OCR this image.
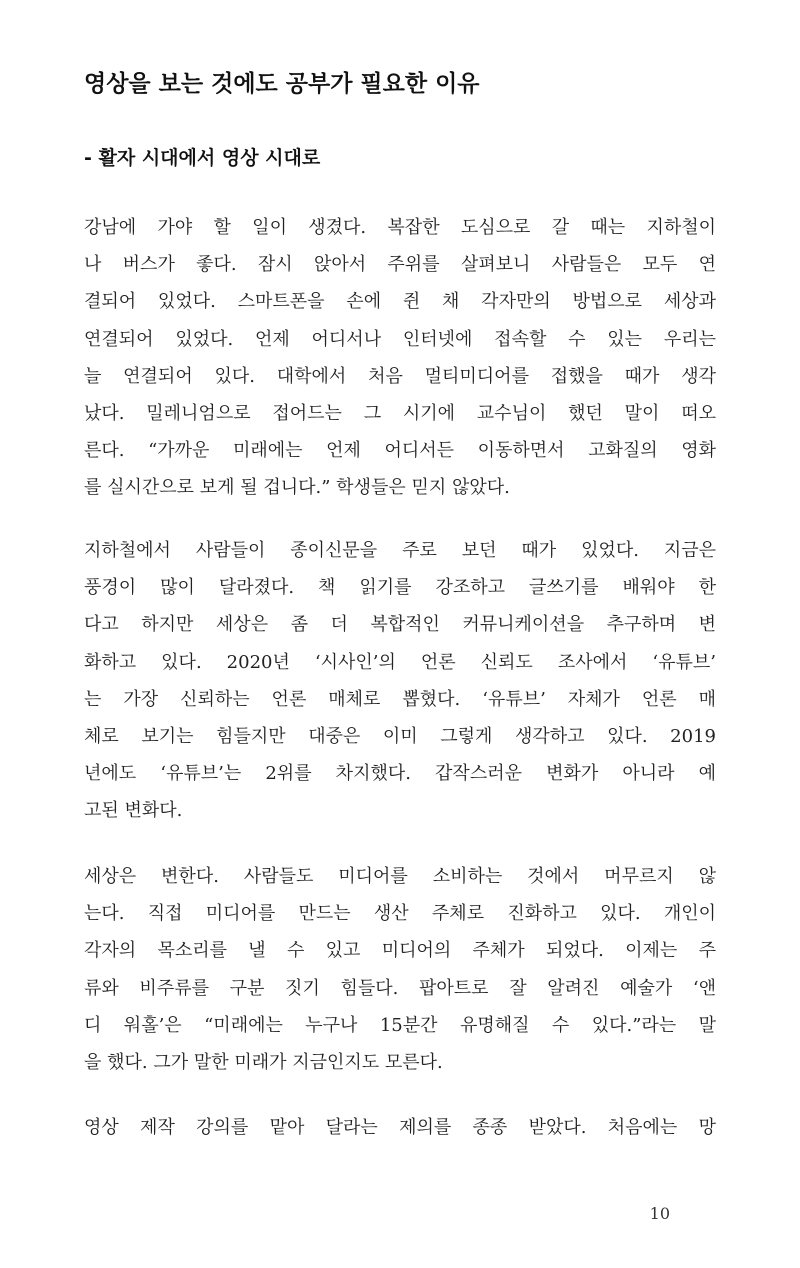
영상을 보는 것에도 공부가 필요한 이유
- 활자 시대에서 영상 시대로

강남에 가야 할 일이 생겼다. 복잡한 도심으로 갈 때는 지하철이
나 버스가 좋다. 잠시 앉아서 주위를 살펴보니 사람들은 모두 연
결되어 있었다. 스마트폰을 손에 쥔 채 각자만의 방법으로 세상과
연결되어 있었다. 언제 어디서나 인터넷에 접속할 수 있는 우리는
늘 연결되어 있다. 대학에서 처음 멀티미디어를 접했을 때가 생각
났다. 밀레니엄으로 접어드는 그 시기에 교수님이 했던 말이 떠오
른다. “가까운 미래에는 언제 어디서든 이동하면서 고화질의 영화
를 실시간으로 보게 될 겁니다.” 학생들은 믿지 않았다.

지하철에서 사람들이 종이신문을 주로 보던 때가 있었다. 지금은
풍경이 많이 달라졌다. 책 읽기를 강조하고 글쓰기를 배워야 한
다고 하지만 세상은 좀 더 복합적인 커뮤니케이션을 추구하며 변
화하고 있다. 2020년 ‘시사인’의 언론 신뢰도 조사에서 ‘유튜브’
는 가장 신뢰하는 언론 매체로 뽑혔다. ‘유튜브’ 자체가 언론 매
체로 보기는 힘들지만 대중은 이미 그렇게 생각하고 있다. 2019
년에도 ‘유튜브’는 2위를 차지했다. 갑작스러운 변화가 아니라 예
고된 변화다.

세상은 변한다. 사람들도 미디어를 소비하는 것에서 머무르지 않
는다. 직접 미디어를 만드는 생산 주체로 진화하고 있다. 개인이
각자의 목소리를 낼 수 있고 미디어의 주체가 되었다. 이제는 주
류와 비주류를 구분 짓기 힘들다. 팝아트로 잘 알려진 예술가 ‘앤
디 워홀’은 “미래에는 누구나 15분간 유명해질 수 있다.”라는 말
을 했다. 그가 말한 미래가 지금인지도 모른다.

영상 제작 강의를 맡아 달라는 제의를 종종 받았다. 처음에는 망

10
